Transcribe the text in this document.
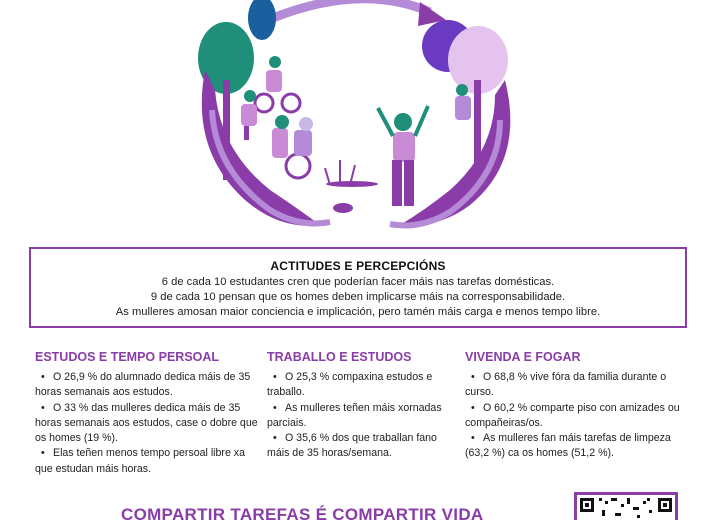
ACTITUDES E PERCEPCIÓNS

6 de cada 10 estudantes cren que poderían facer máis nas tarefas domésticas.

9 de cada 10 pensan que os homes deben implicarse máis na corresponsabilidade.

As mulleres amosan maior conciencia e implicación, pero tamén máis carga e menos tempo libre.

ESTUDOS E TEMPO PERSOAL
• O 26,9 % do alumnado dedica máis de 35 horas semanais aos estudos.
• O 33 % das mulleres dedica máis de 35 horas semanais aos estudos, case o dobre que os homes (19 %).
• Elas teñen menos tempo persoal libre xa que estudan máis horas.
TRABALLO E ESTUDOS
• O 25,3 % compaxina estudos e traballo.
• As mulleres teñen máis xornadas parciais.
• O 35,6 % dos que traballan fano máis de 35 horas/semana.
VIVENDA E FOGAR
• O 68,8 % vive fóra da familia durante o curso.
• O 60,2 % comparte piso con amizades ou compañeiras/os.
• As mulleres fan máis tarefas de limpeza (63,2 %) ca os homes (51,2 %).
COMPARTIR TAREFAS É COMPARTIR VIDA
